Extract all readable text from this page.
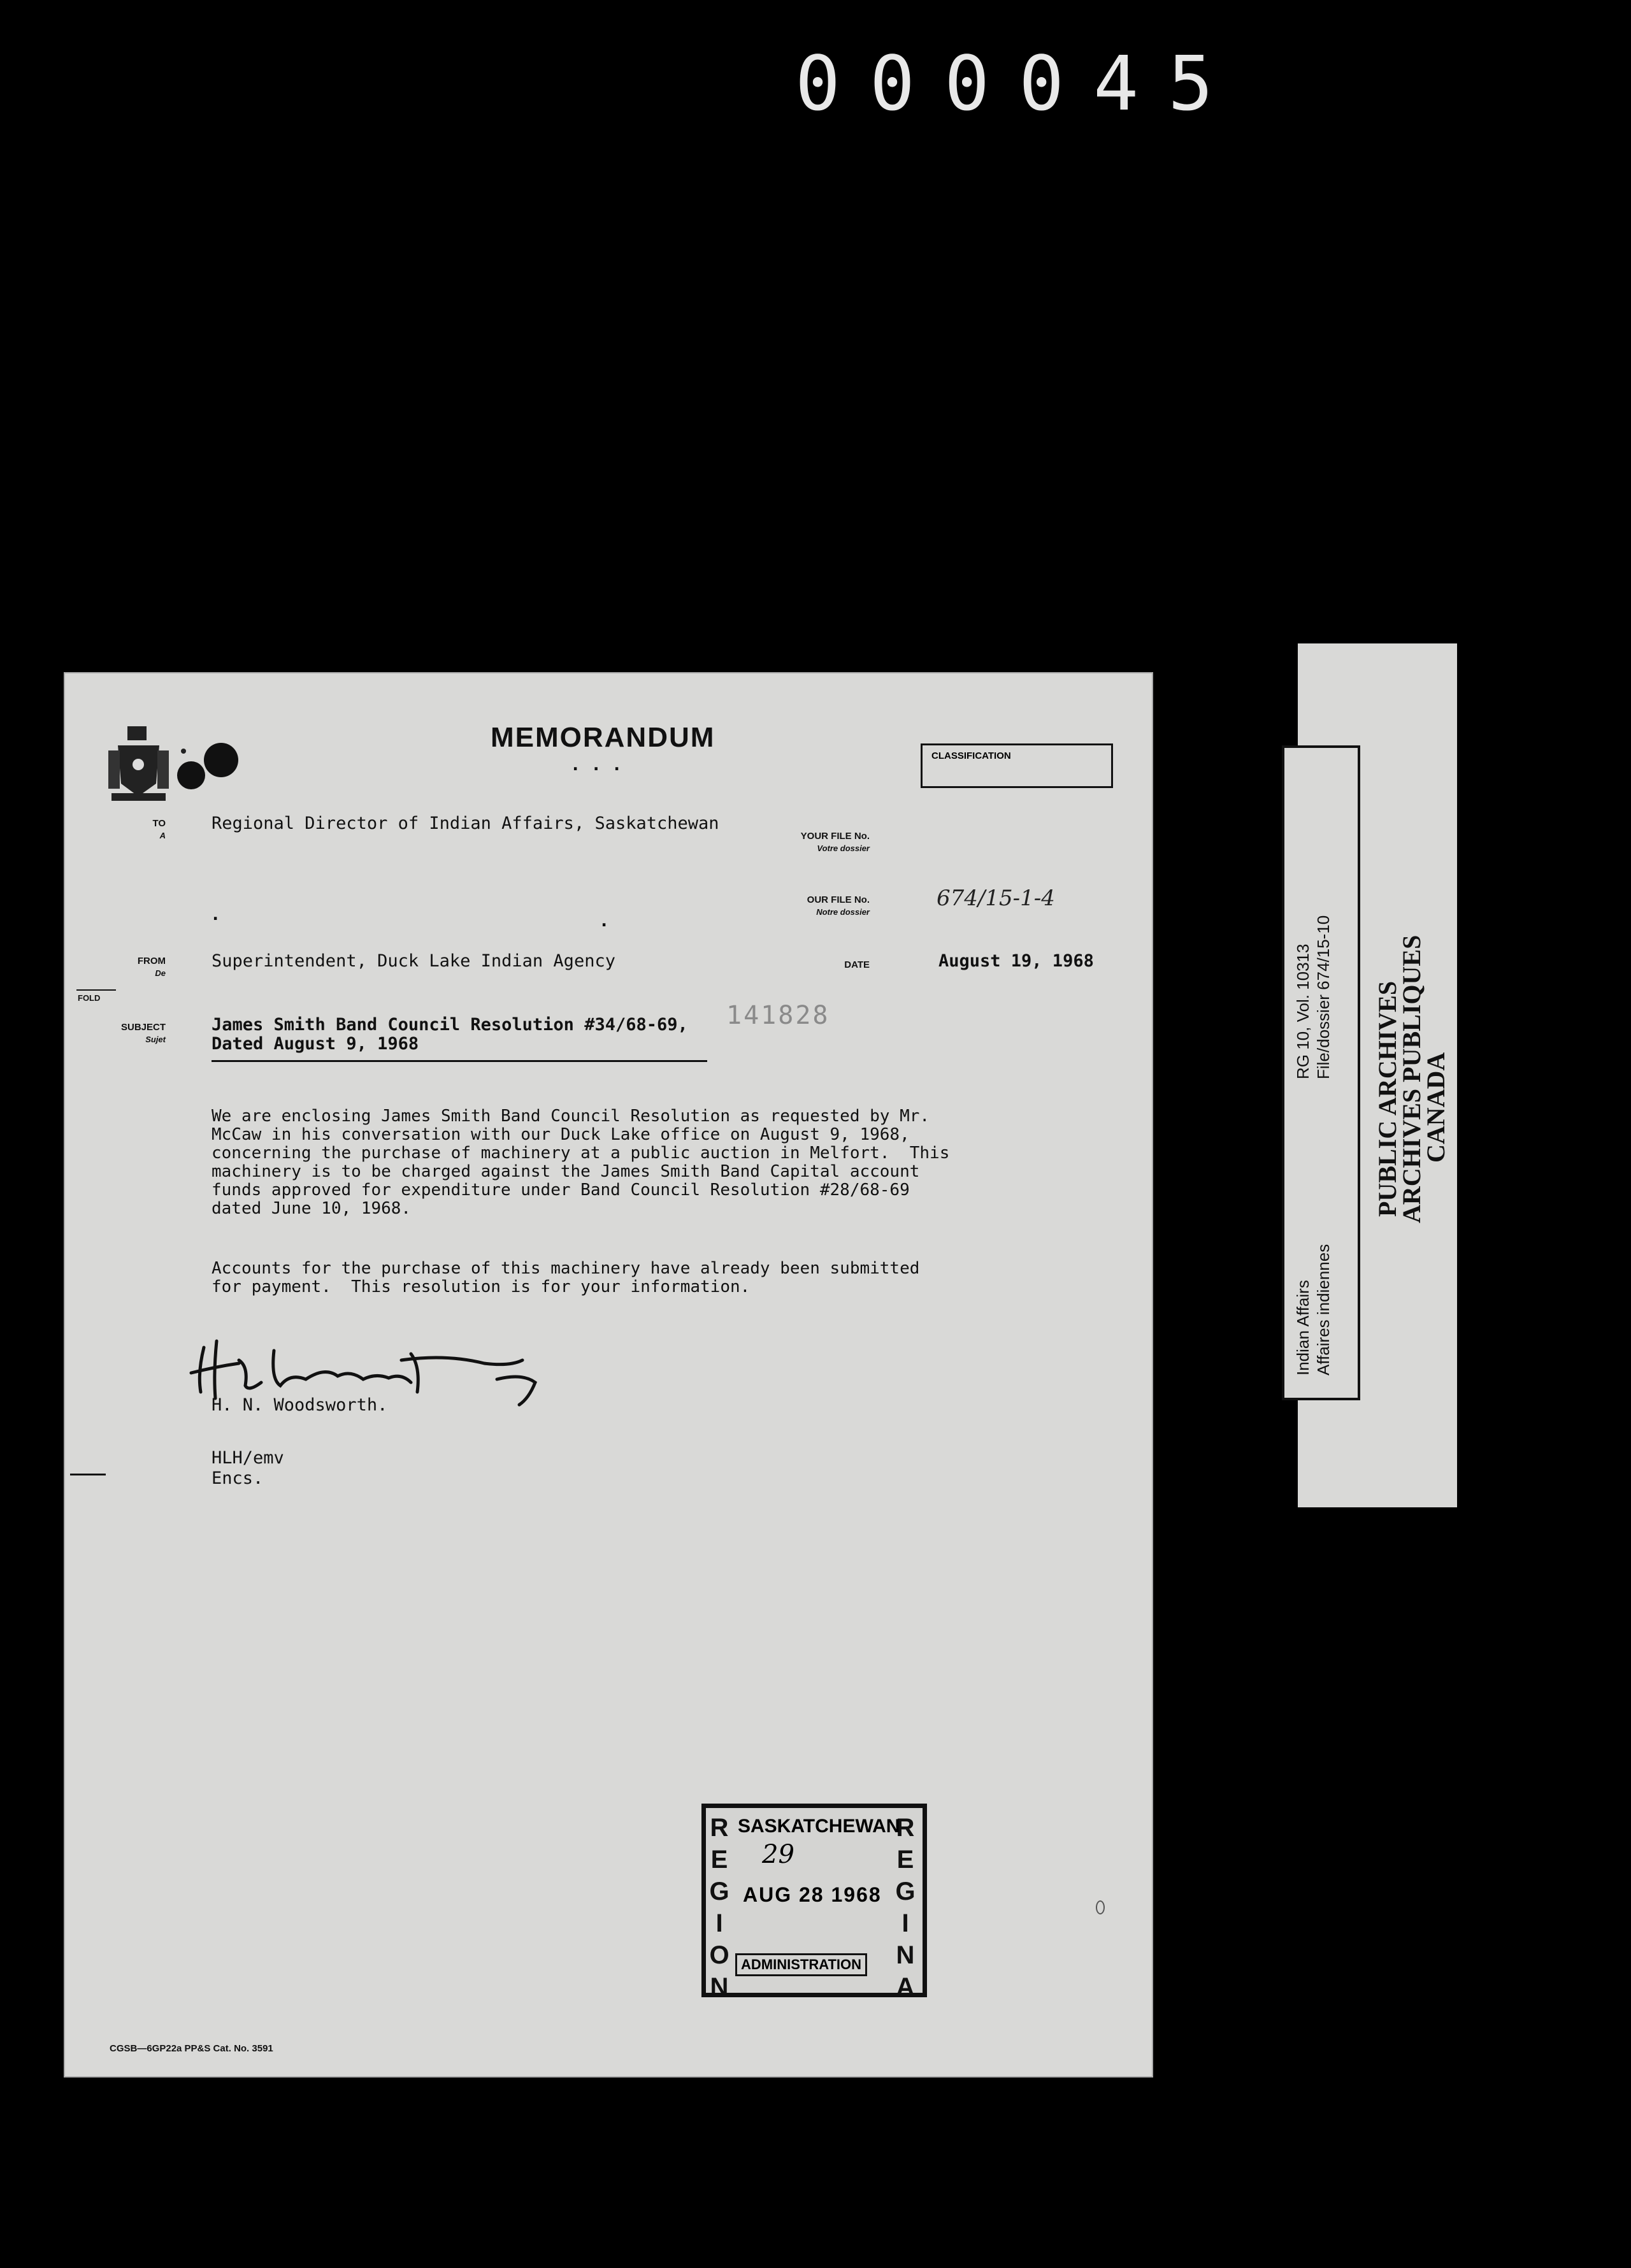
000045
MEMORANDUM
. . .	CLASSIFICATION
TO
A
Regional Director of Indian Affairs, Saskatchewan
YOUR FILE No.
Votre dossier
.	.
OUR FILE No.
Notre dossier
674/15-1-4
FROM
De
Superintendent, Duck Lake Indian Agency	DATE	August 19, 1968
FOLD
SUBJECT
Sujet
James Smith Band Council Resolution #34/68-69,
Dated August 9, 1968
141828
We are enclosing James Smith Band Council Resolution as requested by Mr.
McCaw in his conversation with our Duck Lake office on August 9, 1968,
concerning the purchase of machinery at a public auction in Melfort.  This
machinery is to be charged against the James Smith Band Capital account
funds approved for expenditure under Band Council Resolution #28/68-69
dated June 10, 1968.
Accounts for the purchase of this machinery have already been submitted
for payment.  This resolution is for your information.
H. N. Woodsworth.
HLH/emv
Encs.
R
E
G
I
O
N
R
E
G
I
N
A
SASKATCHEWAN
29
AUG 28 1968
ADMINISTRATION
CGSB—6GP22a PP&S Cat. No. 3591
Indian Affairs Affaires indiennes
RG 10, Vol. 10313 File/dossier 674/15-10 PUBLIC ARCHIVES
ARCHIVES PUBLIQUES
CANADA
